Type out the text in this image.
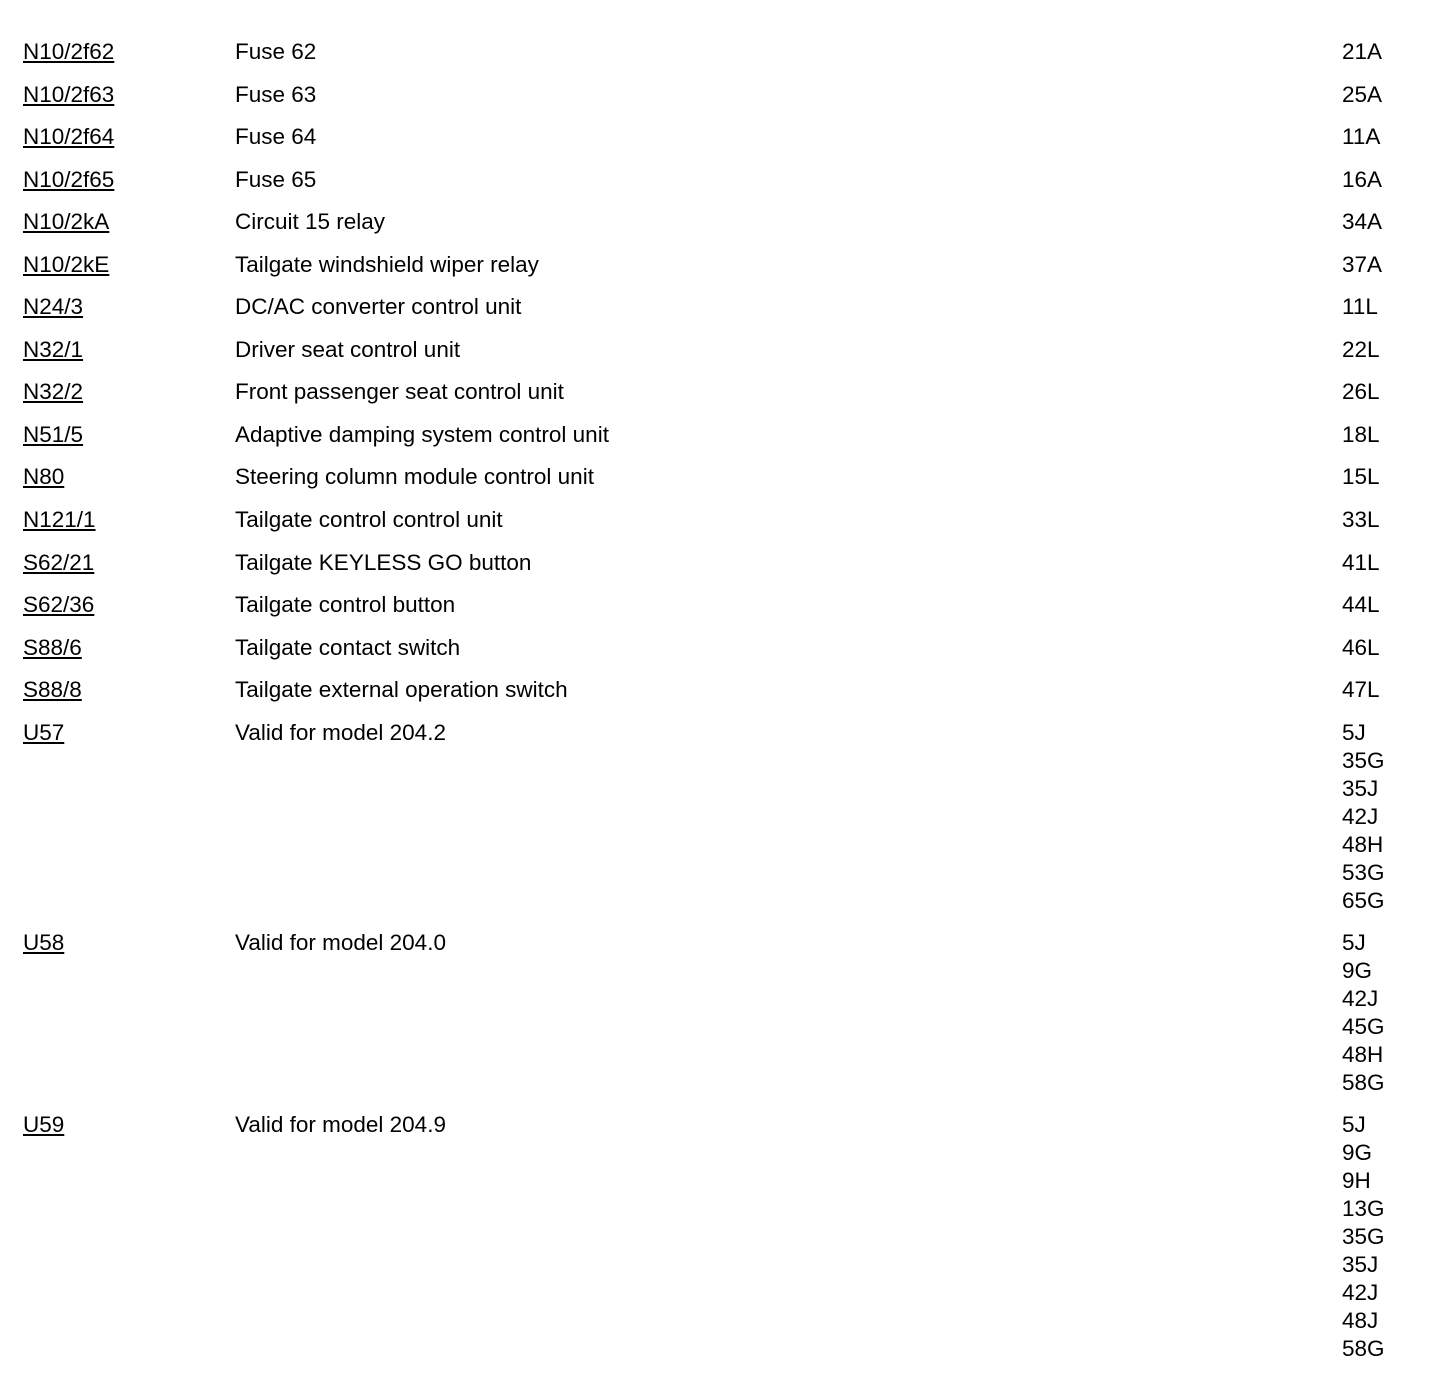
N10/2f62	Fuse 62	21A
N10/2f63	Fuse 63	25A
N10/2f64	Fuse 64	11A
N10/2f65	Fuse 65	16A
N10/2kA	Circuit 15 relay	34A
N10/2kE	Tailgate windshield wiper relay	37A
N24/3	DC/AC converter control unit	11L
N32/1	Driver seat control unit	22L
N32/2	Front passenger seat control unit	26L
N51/5	Adaptive damping system control unit	18L
N80	Steering column module control unit	15L
N121/1	Tailgate control control unit	33L
S62/21	Tailgate KEYLESS GO button	41L
S62/36	Tailgate control button	44L
S88/6	Tailgate contact switch	46L
S88/8	Tailgate external operation switch	47L
U57	Valid for model 204.2	5J
35G
35J
42J
48H
53G
65G
U58	Valid for model 204.0	5J
9G
42J
45G
48H
58G
U59	Valid for model 204.9	5J
9G
9H
13G
35G
35J
42J
48J
58G
